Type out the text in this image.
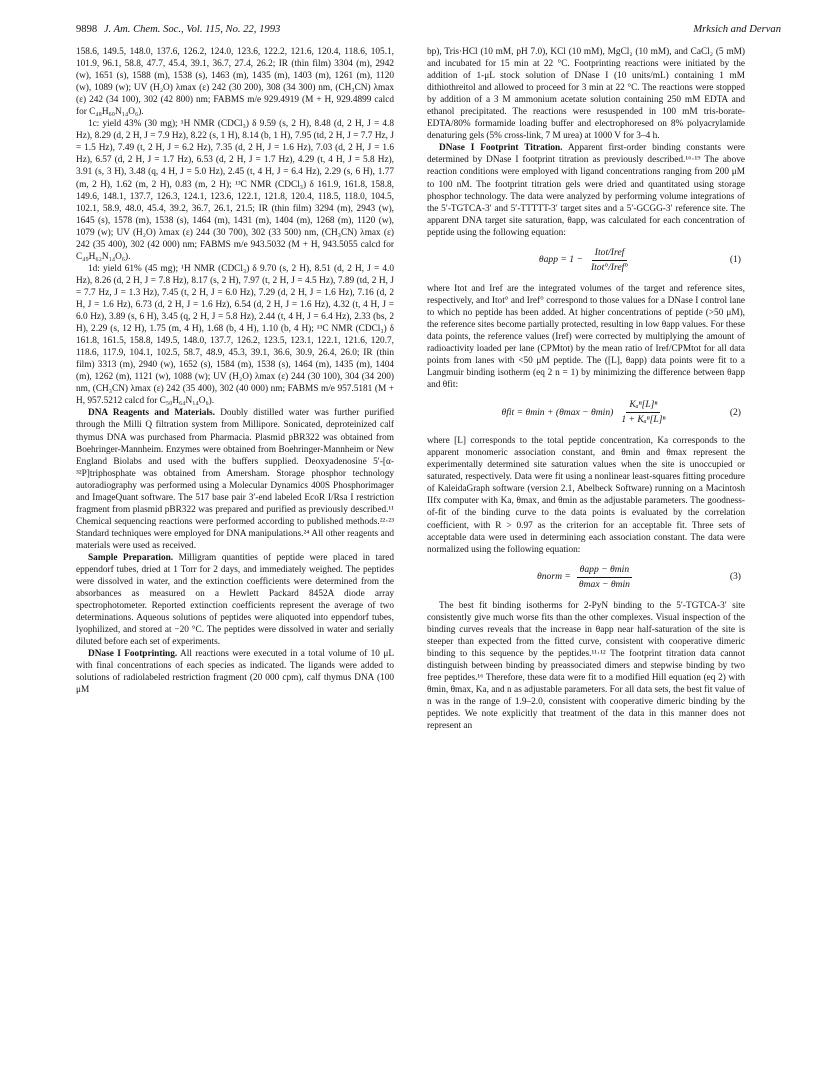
9898 J. Am. Chem. Soc., Vol. 115, No. 22, 1993	Mrksich and Dervan

158.6, 149.5, 148.0, 137.6, 126.2, 124.0, 123.6, 122.2, 121.6, 120.4, 118.6, 105.1, 101.9, 96.1, 58.8, 47.7, 45.4, 39.1, 36.7, 27.4, 26.2; IR (thin film) 3304 (m), 2942 (w), 1651 (s), 1588 (m), 1538 (s), 1463 (m), 1435 (m), 1403 (m), 1261 (m), 1120 (w), 1089 (w); UV (H₂O) λmax (ε) 242 (30 200), 308 (34 300) nm, (CH₃CN) λmax (ε) 242 (34 100), 302 (42 800) nm; FABMS m/e 929.4919 (M + H, 929.4899 calcd for C₄₈H₆₀N₁₄O₆).

1c: yield 43% (30 mg); ¹H NMR (CDCl₃) δ 9.59 (s, 2 H), 8.48 (d, 2 H, J = 4.8 Hz), 8.29 (d, 2 H, J = 7.9 Hz), 8.22 (s, 1 H), 8.14 (b, 1 H), 7.95 (td, 2 H, J = 7.7 Hz, J = 1.5 Hz), 7.49 (t, 2 H, J = 6.2 Hz), 7.35 (d, 2 H, J = 1.6 Hz), 7.03 (d, 2 H, J = 1.6 Hz), 6.57 (d, 2 H, J = 1.7 Hz), 6.53 (d, 2 H, J = 1.7 Hz), 4.29 (t, 4 H, J = 5.8 Hz), 3.91 (s, 3 H), 3.48 (q, 4 H, J = 5.0 Hz), 2.45 (t, 4 H, J = 6.4 Hz), 2.29 (s, 6 H), 1.77 (m, 2 H), 1.62 (m, 2 H), 0.83 (m, 2 H); ¹³C NMR (CDCl₃) δ 161.9, 161.8, 158.8, 149.6, 148.1, 137.7, 126.3, 124.1, 123.6, 122.1, 121.8, 120.4, 118.5, 118.0, 104.5, 102.1, 58.9, 48.0, 45.4, 39.2, 36.7, 26.1, 21.5; IR (thin film) 3294 (m), 2943 (w), 1645 (s), 1578 (m), 1538 (s), 1464 (m), 1431 (m), 1404 (m), 1268 (m), 1120 (w), 1079 (w); UV (H₂O) λmax (ε) 244 (30 700), 302 (33 500) nm, (CH₃CN) λmax (ε) 242 (35 400), 302 (42 000) nm; FABMS m/e 943.5032 (M + H, 943.5055 calcd for C₄₉H₆₂N₁₄O₆).

1d: yield 61% (45 mg); ¹H NMR (CDCl₃) δ 9.70 (s, 2 H), 8.51 (d, 2 H, J = 4.0 Hz), 8.26 (d, 2 H, J = 7.8 Hz), 8.17 (s, 2 H), 7.97 (t, 2 H, J = 4.5 Hz), 7.89 (td, 2 H, J = 7.7 Hz, J = 1.3 Hz), 7.45 (t, 2 H, J = 6.0 Hz), 7.29 (d, 2 H, J = 1.6 Hz), 7.16 (d, 2 H, J = 1.6 Hz), 6.73 (d, 2 H, J = 1.6 Hz), 6.54 (d, 2 H, J = 1.6 Hz), 4.32 (t, 4 H, J = 6.0 Hz), 3.89 (s, 6 H), 3.45 (q, 2 H, J = 5.8 Hz), 2.44 (t, 4 H, J = 6.4 Hz), 2.33 (bs, 2 H), 2.29 (s, 12 H), 1.75 (m, 4 H), 1.68 (b, 4 H), 1.10 (b, 4 H); ¹³C NMR (CDCl₃) δ 161.8, 161.5, 158.8, 149.5, 148.0, 137.7, 126.2, 123.5, 123.1, 122.1, 121.6, 120.7, 118.6, 117.9, 104.1, 102.5, 58.7, 48.9, 45.3, 39.1, 36.6, 30.9, 26.4, 26.0; IR (thin film) 3313 (m), 2940 (w), 1652 (s), 1584 (m), 1538 (s), 1464 (m), 1435 (m), 1404 (m), 1262 (m), 1121 (w), 1088 (w); UV (H₂O) λmax (ε) 244 (30 100), 304 (34 200) nm, (CH₃CN) λmax (ε) 242 (35 400), 302 (40 000) nm; FABMS m/e 957.5181 (M + H, 957.5212 calcd for C₅₀H₆₄N₁₄O₆).

DNA Reagents and Materials. Doubly distilled water was further purified through the Milli Q filtration system from Millipore. Sonicated, deproteinized calf thymus DNA was purchased from Pharmacia. Plasmid pBR322 was obtained from Boehringer-Mannheim. Enzymes were obtained from Boehringer-Mannheim or New England Biolabs and used with the buffers supplied. Deoxyadenosine 5′-[α-³²P]triphosphate was obtained from Amersham. Storage phosphor technology autoradiography was performed using a Molecular Dynamics 400S Phosphorimager and ImageQuant software. The 517 base pair 3′-end labeled EcoR I/Rsa I restriction fragment from plasmid pBR322 was prepared and purified as previously described.¹¹ Chemical sequencing reactions were performed according to published methods.²²·²³ Standard techniques were employed for DNA manipulations.²⁴ All other reagents and materials were used as received.

Sample Preparation. Milligram quantities of peptide were placed in tared eppendorf tubes, dried at 1 Torr for 2 days, and immediately weighed. The peptides were dissolved in water, and the extinction coefficients were determined from the absorbances as measured on a Hewlett Packard 8452A diode array spectrophotometer. Reported extinction coefficients represent the average of two determinations. Aqueous solutions of peptides were aliquoted into eppendorf tubes, lyophilized, and stored at −20 °C. The peptides were dissolved in water and serially diluted before each set of experiments.

DNase I Footprinting. All reactions were executed in a total volume of 10 μL with final concentrations of each species as indicated. The ligands were added to solutions of radiolabeled restriction fragment (20 000 cpm), calf thymus DNA (100 μM

bp), Tris·HCl (10 mM, pH 7.0), KCl (10 mM), MgCl₂ (10 mM), and CaCl₂ (5 mM) and incubated for 15 min at 22 °C. Footprinting reactions were initiated by the addition of 1-μL stock solution of DNase I (10 units/mL) containing 1 mM dithiothreitol and allowed to proceed for 3 min at 22 °C. The reactions were stopped by addition of a 3 M ammonium acetate solution containing 250 mM EDTA and ethanol precipitated. The reactions were resuspended in 100 mM tris-borate-EDTA/80% formamide loading buffer and electrophoresed on 8% polyacrylamide denaturing gels (5% cross-link, 7 M urea) at 1000 V for 3–4 h.

DNase I Footprint Titration. Apparent first-order binding constants were determined by DNase I footprint titration as previously described.¹⁶·¹⁹ The above reaction conditions were employed with ligand concentrations ranging from 200 μM to 100 nM. The footprint titration gels were dried and quantitated using storage phosphor technology. The data were analyzed by performing volume integrations of the 5′-TGTCA-3′ and 5′-TTTTT-3′ target sites and a 5′-GCGG-3′ reference site. The apparent DNA target site saturation, θapp, was calculated for each concentration of peptide using the following equation:

$\theta app = 1 - \frac{\text{Itot/Iref}}{\text{Itot°/Iref°}}$	(1)

where Itot and Iref are the integrated volumes of the target and reference sites, respectively, and Itot° and Iref° correspond to those values for a DNase I control lane to which no peptide has been added. At higher concentrations of peptide (>50 μM), the reference sites become partially protected, resulting in low θapp values. For these data points, the reference values (Iref) were corrected by multiplying the amount of radioactivity loaded per lane (CPMtot) by the mean ratio of Iref/CPMtot for all data points from lanes with <50 μM peptide. The ([L], θapp) data points were fit to a Langmuir binding isotherm (eq 2 n = 1) by minimizing the difference between θapp and θfit:

$\theta fit = \theta\min + (\theta\max - \theta\min) \frac{\text{Kₐⁿ[L]ⁿ}}{\text{1 + Kₐⁿ[L]ⁿ}}$	(2)

where [L] corresponds to the total peptide concentration, Ka corresponds to the apparent monomeric association constant, and θmin and θmax represent the experimentally determined site saturation values when the site is unoccupied or saturated, respectively. Data were fit using a nonlinear least-squares fitting procedure of KaleidaGraph software (version 2.1, Abelbeck Software) running on a Macintosh IIfx computer with Ka, θmax, and θmin as the adjustable parameters. The goodness-of-fit of the binding curve to the data points is evaluated by the correlation coefficient, with R > 0.97 as the criterion for an acceptable fit. Three sets of acceptable data were used in determining each association constant. The data were normalized using the following equation:

θnorm = $\frac{\text{θapp − θmin}}{\theta\max - \theta\min}$	(3)

The best fit binding isotherms for 2-PyN binding to the 5′-TGTCA-3′ site consistently give much worse fits than the other complexes. Visual inspection of the binding curves reveals that the increase in θapp near half-saturation of the site is steeper than expected from the fitted curve, consistent with cooperative dimeric binding to this sequence by the peptides.¹¹·¹² The footprint titration data cannot distinguish between binding by preassociated dimers and stepwise binding by two free peptides.¹⁶ Therefore, these data were fit to a modified Hill equation (eq 2) with θmin, θmax, Ka, and n as adjustable parameters. For all data sets, the best fit value of n was in the range of 1.9–2.0, consistent with cooperative dimeric binding by the peptides. We note explicitly that treatment of the data in this manner does not represent an
